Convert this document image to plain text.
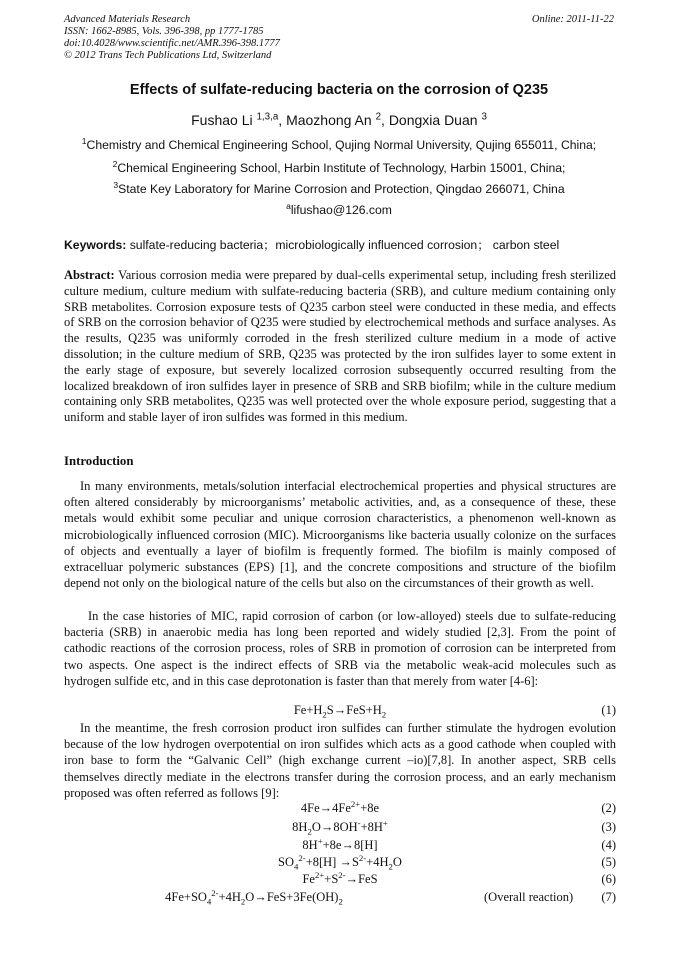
Advanced Materials Research
ISSN: 1662-8985, Vols. 396-398, pp 1777-1785
doi:10.4028/www.scientific.net/AMR.396-398.1777
© 2012 Trans Tech Publications Ltd, Switzerland
Online: 2011-11-22
Effects of sulfate-reducing bacteria on the corrosion of Q235
Fushao Li $^{1,3,a}$, Maozhong An $^2$, Dongxia Duan $^3$
$^1$Chemistry and Chemical Engineering School, Qujing Normal University, Qujing 655011, China;
$^2$Chemical Engineering School, Harbin Institute of Technology, Harbin 15001, China;
$^3$State Key Laboratory for Marine Corrosion and Protection, Qingdao 266071, China
$^a$lifushao@126.com
Keywords: sulfate-reducing bacteria；microbiologically influenced corrosion； carbon steel
Abstract: Various corrosion media were prepared by dual-cells experimental setup, including fresh sterilized culture medium, culture medium with sulfate-reducing bacteria (SRB), and culture medium containing only SRB metabolites. Corrosion exposure tests of Q235 carbon steel were conducted in these media, and effects of SRB on the corrosion behavior of Q235 were studied by electrochemical methods and surface analyses. As the results, Q235 was uniformly corroded in the fresh sterilized culture medium in a mode of active dissolution; in the culture medium of SRB, Q235 was protected by the iron sulfides layer to some extent in the early stage of exposure, but severely localized corrosion subsequently occurred resulting from the localized breakdown of iron sulfides layer in presence of SRB and SRB biofilm; while in the culture medium containing only SRB metabolites, Q235 was well protected over the whole exposure period, suggesting that a uniform and stable layer of iron sulfides was formed in this medium.
Introduction
In many environments, metals/solution interfacial electrochemical properties and physical structures are often altered considerably by microorganisms’ metabolic activities, and, as a consequence of these, these metals would exhibit some peculiar and unique corrosion characteristics, a phenomenon well-known as microbiologically influenced corrosion (MIC). Microorganisms like bacteria usually colonize on the surfaces of objects and eventually a layer of biofilm is frequently formed. The biofilm is mainly composed of extracelluar polymeric substances (EPS) [1], and the concrete compositions and structure of the biofilm depend not only on the biological nature of the cells but also on the circumstances of their growth as well.
In the case histories of MIC, rapid corrosion of carbon (or low-alloyed) steels due to sulfate-reducing bacteria (SRB) in anaerobic media has long been reported and widely studied [2,3]. From the point of cathodic reactions of the corrosion process, roles of SRB in promotion of corrosion can be interpreted from two aspects. One aspect is the indirect effects of SRB via the metabolic weak-acid molecules such as hydrogen sulfide etc, and in this case deprotonation is faster than that merely from water [4-6]:
$Fe+H_2S\to FeS+H_2$	(1)
In the meantime, the fresh corrosion product iron sulfides can further stimulate the hydrogen evolution because of the low hydrogen overpotential on iron sulfides which acts as a good cathode when coupled with iron base to form the “Galvanic Cell” (high exchange current –io)[7,8]. In another aspect, SRB cells themselves directly mediate in the electrons transfer during the corrosion process, and an early mechanism proposed was often referred as follows [9]:
$4Fe\to 4Fe^{2+}+8e$	(2)
$8H_2O\to 8OH^-+8H^+$	(3)
8H++8e→8[H]	(4)
$SO_4^{2-}+8[H] \to S^{2-}+4H_2O$	(5)
$Fe^{2+}+S^{2-}\to FeS$	(6)
$4Fe+SO_4^{2-}+4H_2O\to FeS+3Fe(OH)_2$	(Overall reaction) (7)
